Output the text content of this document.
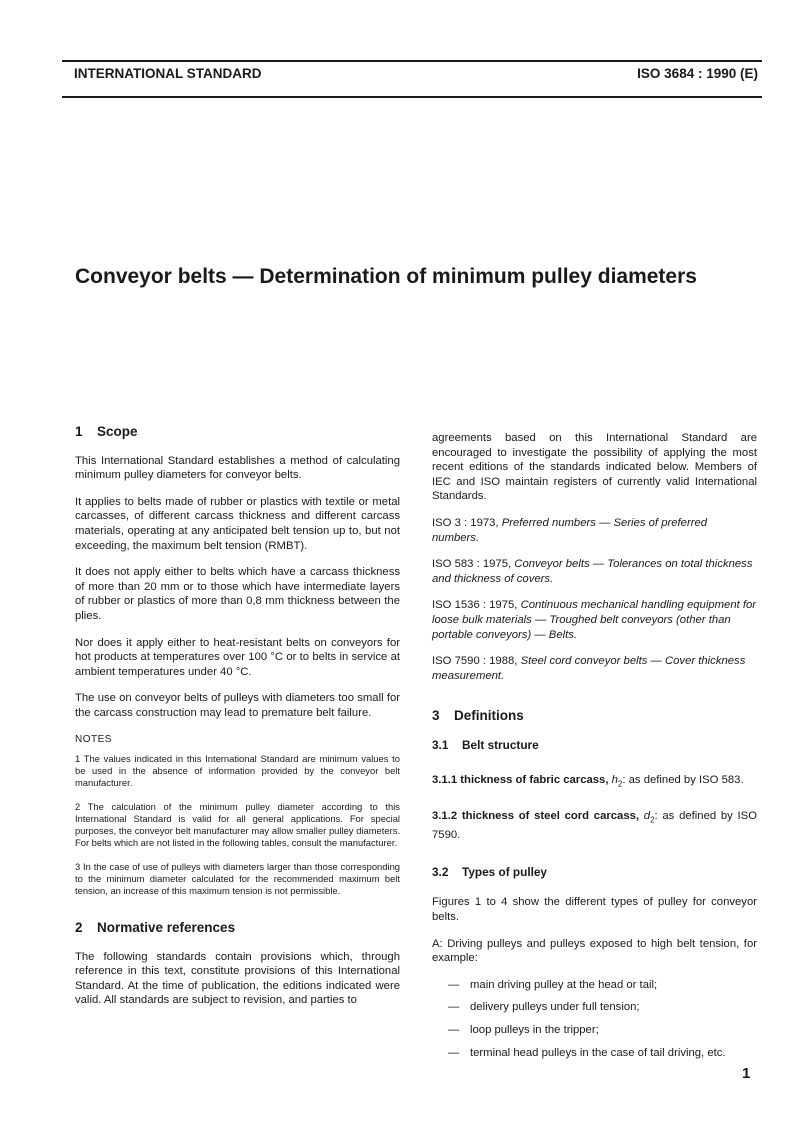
INTERNATIONAL STANDARD	ISO 3684 : 1990 (E)
Conveyor belts — Determination of minimum pulley diameters
1 Scope

This International Standard establishes a method of calculating minimum pulley diameters for conveyor belts.

It applies to belts made of rubber or plastics with textile or metal carcasses, of different carcass thickness and different carcass materials, operating at any anticipated belt tension up to, but not exceeding, the maximum belt tension (RMBT).

It does not apply either to belts which have a carcass thickness of more than 20 mm or to those which have intermediate layers of rubber or plastics of more than 0,8 mm thickness between the plies.

Nor does it apply either to heat-resistant belts on conveyors for hot products at temperatures over 100 °C or to belts in service at ambient temperatures under 40 °C.

The use on conveyor belts of pulleys with diameters too small for the carcass construction may lead to premature belt failure.

NOTES

1 The values indicated in this International Standard are minimum values to be used in the absence of information provided by the conveyor belt manufacturer.

2 The calculation of the minimum pulley diameter according to this International Standard is valid for all general applications. For special purposes, the conveyor belt manufacturer may allow smaller pulley diameters. For belts which are not listed in the following tables, consult the manufacturer.

3 In the case of use of pulleys with diameters larger than those corresponding to the minimum diameter calculated for the recommended maximum belt tension, an increase of this maximum tension is not permissible.

2 Normative references

The following standards contain provisions which, through reference in this text, constitute provisions of this International Standard. At the time of publication, the editions indicated were valid. All standards are subject to revision, and parties to

agreements based on this International Standard are encouraged to investigate the possibility of applying the most recent editions of the standards indicated below. Members of IEC and ISO maintain registers of currently valid International Standards.

ISO 3 : 1973, Preferred numbers — Series of preferred numbers.

ISO 583 : 1975, Conveyor belts — Tolerances on total thickness and thickness of covers.

ISO 1536 : 1975, Continuous mechanical handling equipment for loose bulk materials — Troughed belt conveyors (other than portable conveyors) — Belts.

ISO 7590 : 1988, Steel cord conveyor belts — Cover thickness measurement.

3 Definitions
3.1 Belt structure

3.1.1 thickness of fabric carcass, $h_2$: as defined by ISO 583.

3.1.2 thickness of steel cord carcass, $d_2$: as defined by ISO 7590.

3.2 Types of pulley

Figures 1 to 4 show the different types of pulley for conveyor belts.

A: Driving pulleys and pulleys exposed to high belt tension, for example:

— main driving pulley at the head or tail;
— delivery pulleys under full tension;
— loop pulleys in the tripper;
— terminal head pulleys in the case of tail driving, etc.
1
